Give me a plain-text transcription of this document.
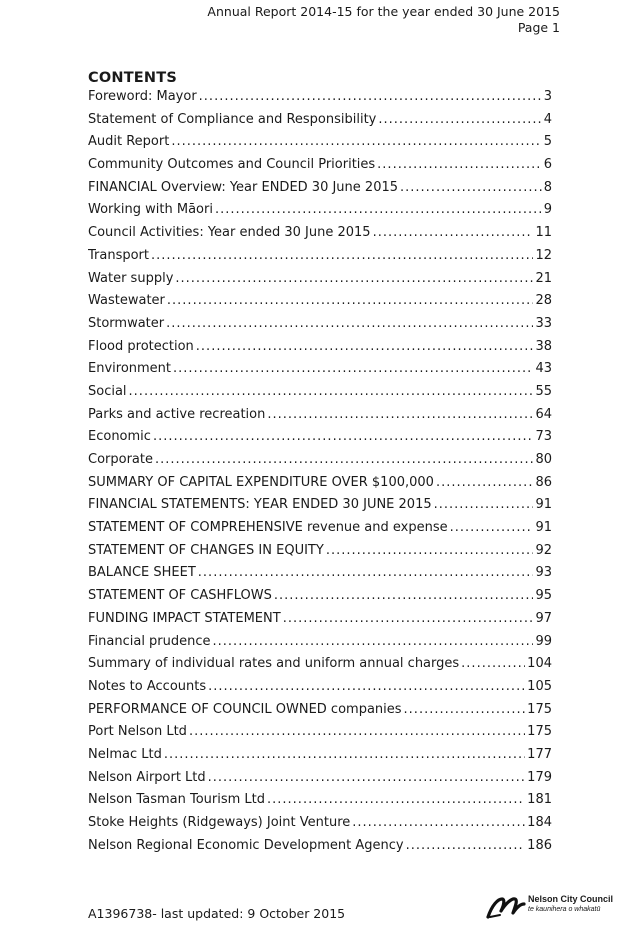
Annual Report 2014-15 for the year ended 30 June 2015
Page 1
CONTENTS
Foreword: Mayor .....	3
Statement of Compliance and Responsibility .....	4
Audit Report .....	5
Community Outcomes and Council Priorities .....	6
FINANCIAL Overview: Year ENDED 30 June 2015 .....	8
Working with Māori .....	9
Council Activities: Year ended 30 June 2015 .....	11
Transport .....	12
Water supply .....	21
Wastewater .....	28
Stormwater .....	33
Flood protection .....	38
Environment .....	43
Social .....	55
Parks and active recreation .....	64
Economic .....	73
Corporate .....	80
SUMMARY OF CAPITAL EXPENDITURE OVER $100,000 .....	86
FINANCIAL STATEMENTS: YEAR ENDED 30 JUNE 2015 .....	91
STATEMENT OF COMPREHENSIVE revenue and expense .....	91
STATEMENT OF CHANGES IN EQUITY .....	92
BALANCE SHEET .....	93
STATEMENT OF CASHFLOWS .....	95
FUNDING IMPACT STATEMENT .....	97
Financial prudence .....	99
Summary of individual rates and uniform annual charges .....	104
Notes to Accounts .....	105
PERFORMANCE OF COUNCIL OWNED companies .....	175
Port Nelson Ltd .....	175
Nelmac Ltd .....	177
Nelson Airport Ltd .....	179
Nelson Tasman Tourism Ltd .....	181
Stoke Heights (Ridgeways) Joint Venture .....	184
Nelson Regional Economic Development Agency .....	186
A1396738- last updated: 9 October 2015
Nelson City Council
te kaunihera o whakatū
